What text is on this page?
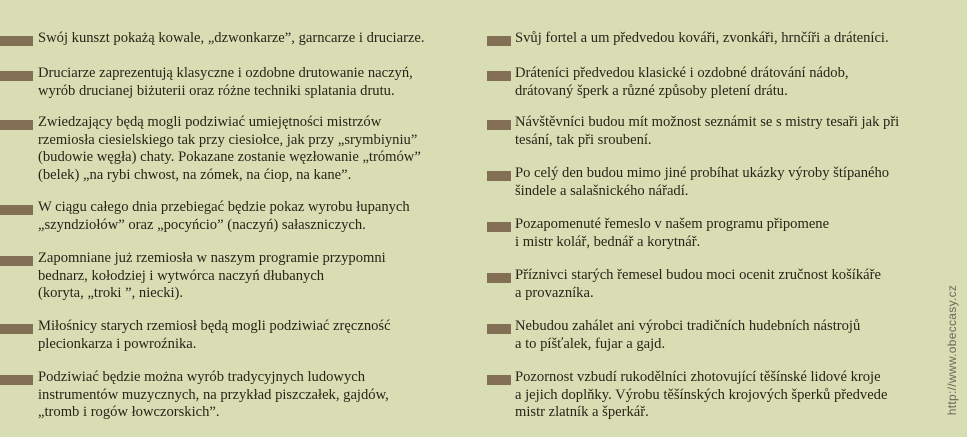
Swój kunszt pokażą kowale, „dzwonkarze”, garncarze i druciarze.
Druciarze zaprezentują klasyczne i ozdobne drutowanie naczyń,
wyrób drucianej biżuterii oraz różne techniki splatania drutu.
Zwiedzający będą mogli podziwiać umiejętności mistrzów
rzemiosła ciesielskiego tak przy ciesiołce, jak przy „srymbiyniu”
(budowie węgła) chaty. Pokazane zostanie węzłowanie „trómów”
(belek) „na rybi chwost, na zómek, na ćiop, na kane”.
W ciągu całego dnia przebiegać będzie pokaz wyrobu łupanych
„szyndziołów” oraz „pocyńcio” (naczyń) sałaszniczych.
Zapomniane już rzemiosła w naszym programie przypomni
bednarz, kołodziej i wytwórca naczyń dłubanych
(koryta, „troki ”, niecki).
Miłośnicy starych rzemiosł będą mogli podziwiać zręczność
plecionkarza i powroźnika.
Podziwiać będzie można wyrób tradycyjnych ludowych
instrumentów muzycznych, na przykład piszczałek, gajdów,
„tromb i rogów łowczorskich”.
Svůj fortel a um předvedou kováři, zvonkáři, hrnčíři a dráteníci.
Dráteníci předvedou klasické i ozdobné drátování nádob,
drátovaný šperk a různé způsoby pletení drátu.
Návštěvníci budou mít možnost seznámit se s mistry tesaři jak při
tesání, tak při sroubení.
Po celý den budou mimo jiné probíhat ukázky výroby štípaného
šindele a salašnického nářadí.
Pozapomenuté řemeslo v našem programu připomene
i mistr kolář, bednář a korytnář.
Příznivci starých řemesel budou moci ocenit zručnost košíkáře
a provazníka.
Nebudou zahálet ani výrobci tradičních hudebních nástrojů
a to píšťalek, fujar a gajd.
Pozornost vzbudí rukodělníci zhotovující těšínské lidové kroje
a jejich doplňky. Výrobu těšínských krojových šperků předvede
mistr zlatník a šperkář.	http://www.obeccasy.cz
